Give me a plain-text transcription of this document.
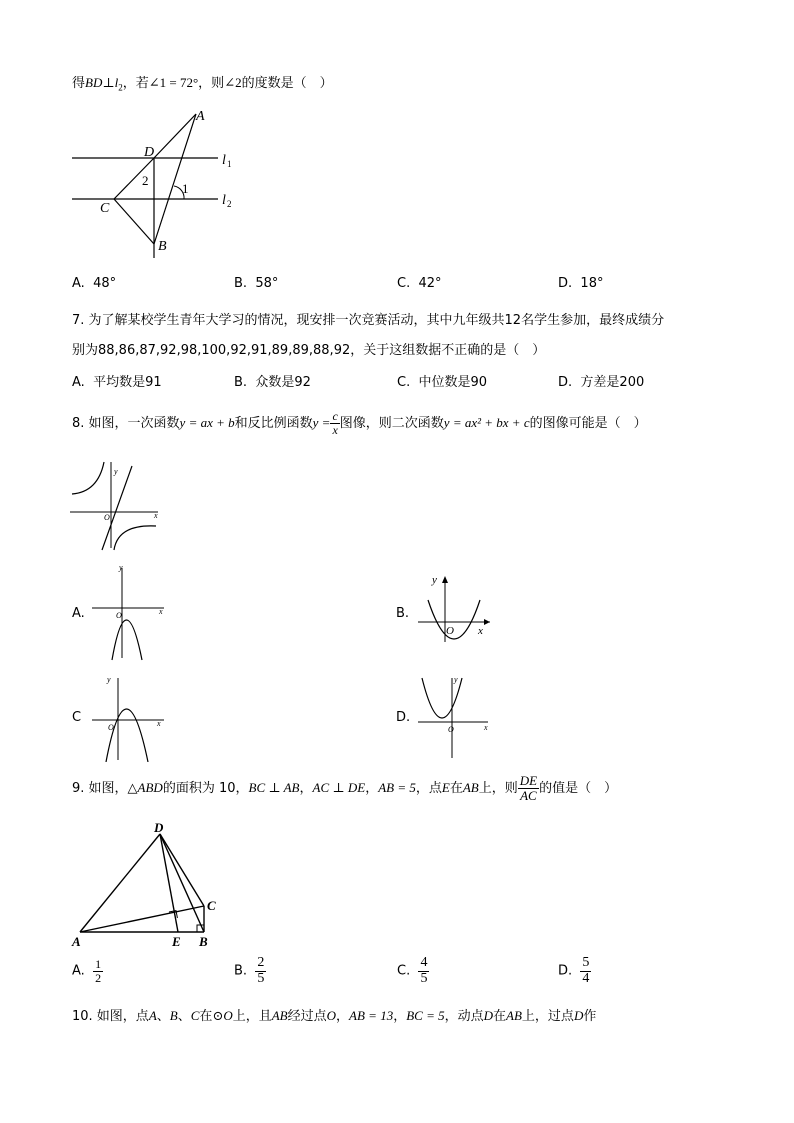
得$BD\perp l_2$，若∠1 = 72°，则∠2的度数是（　）
A
D
C
B
1
2
l 1
l 2
A. 48°	B. 58°	C. 42°	D. 18°
7. 为了解某校学生青年大学习的情况，现安排一次竞赛活动，其中九年级共12名学生参加，最终成绩分
别为88,86,87,92,98,100,92,91,89,89,88,92，关于这组数据不正确的是（　）
A. 平均数是91	B. 众数是92	C. 中位数是90	D. 方差是200
8. 如图，一次函数y = ax + b和反比例函数$y = \frac{c}{x}$ 图像，则二次函数y = ax² + bx + c的图像可能是（　）
y
x
O
A.
y
x
O	B.
y
x
O
C
y
x
O
D.
y
x
O
9. 如图，△ABD的面积为 10，BC ⊥ AB，AC ⊥ DE，AB = 5，点E在AB上，则 $\frac{DE}{AC}$ 的值是（　）
D
A	E B
C
A. $\frac{1}{2}$	B. $\frac{2}{5}$	C. $\frac{4}{5}$	D. $\frac{5}{4}$
10. 如图，点A、B、C在⊙O上，且AB经过点O，AB = 13，BC = 5，动点D在AB上，过点D作
